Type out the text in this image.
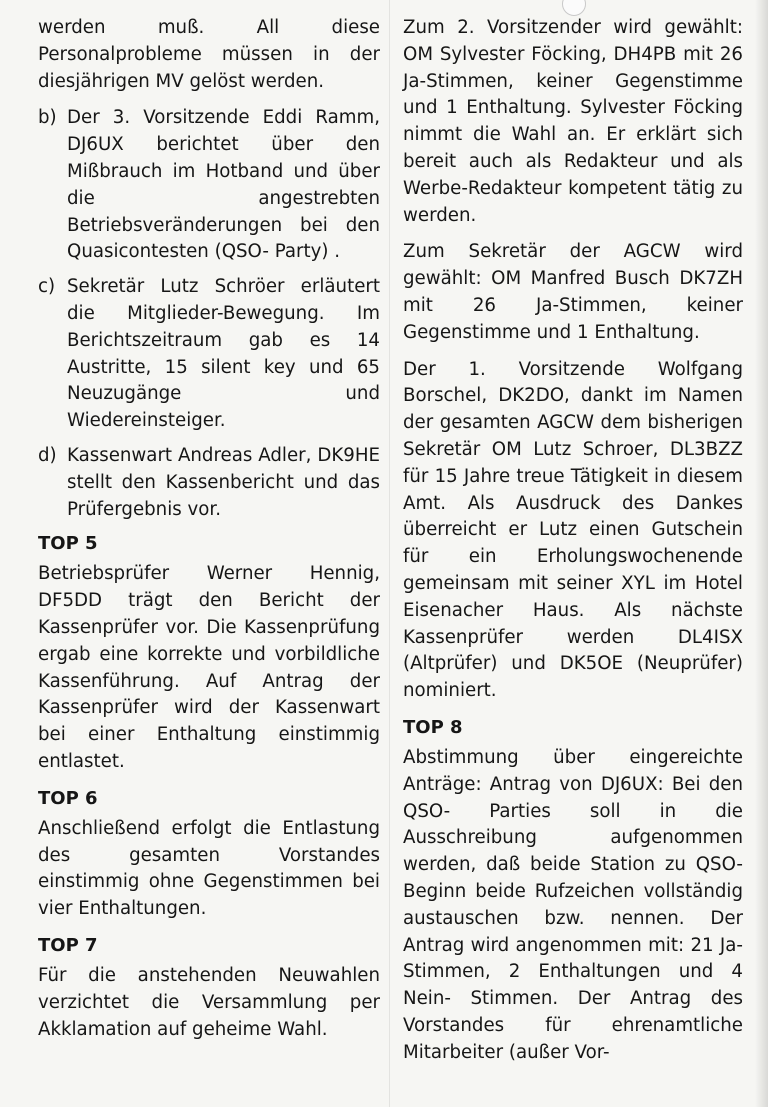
werden muß. All diese Personalprobleme müssen in der diesjährigen MV gelöst werden.

b) Der 3. Vorsitzende Eddi Ramm, DJ6UX berichtet über den Mißbrauch im Hotband und über die angestrebten Betriebsveränderungen bei den Quasicontesten (QSO- Party) .
c) Sekretär Lutz Schröer erläutert die Mitglieder-Bewegung. Im Berichtszeitraum gab es 14 Austritte, 15 silent key und 65 Neuzugänge und Wiedereinsteiger.
d) Kassenwart Andreas Adler, DK9HE stellt den Kassenbericht und das Prüfergebnis vor.
TOP 5

Betriebsprüfer Werner Hennig, DF5DD trägt den Bericht der Kassenprüfer vor. Die Kassenprüfung ergab eine korrekte und vorbildliche Kassenführung. Auf Antrag der Kassenprüfer wird der Kassenwart bei einer Enthaltung einstimmig entlastet.

TOP 6

Anschließend erfolgt die Entlastung des gesamten Vorstandes einstimmig ohne Gegenstimmen bei vier Enthaltungen.

TOP 7

Für die anstehenden Neuwahlen verzichtet die Versammlung per Akklamation auf geheime Wahl.

Zum 2. Vorsitzender wird gewählt: OM Sylvester Föcking, DH4PB mit 26 Ja-Stimmen, keiner Gegenstimme und 1 Enthaltung. Sylvester Föcking nimmt die Wahl an. Er erklärt sich bereit auch als Redakteur und als Werbe-Redakteur kompetent tätig zu werden.

Zum Sekretär der AGCW wird gewählt: OM Manfred Busch DK7ZH mit 26 Ja-Stimmen, keiner Gegenstimme und 1 Enthaltung.

Der 1. Vorsitzende Wolfgang Borschel, DK2DO, dankt im Namen der gesamten AGCW dem bisherigen Sekretär OM Lutz Schroer, DL3BZZ für 15 Jahre treue Tätigkeit in diesem Amt. Als Ausdruck des Dankes überreicht er Lutz einen Gutschein für ein Erholungswochenende gemeinsam mit seiner XYL im Hotel Eisenacher Haus. Als nächste Kassenprüfer werden DL4ISX (Altprüfer) und DK5OE (Neuprüfer) nominiert.

TOP 8

Abstimmung über eingereichte Anträge: Antrag von DJ6UX: Bei den QSO- Parties soll in die Ausschreibung aufgenommen werden, daß beide Station zu QSO- Beginn beide Rufzeichen vollständig austauschen bzw. nennen. Der Antrag wird angenommen mit: 21 Ja-Stimmen, 2 Enthaltungen und 4 Nein- Stimmen. Der Antrag des Vorstandes für ehrenamtliche Mitarbeiter (außer Vor-
